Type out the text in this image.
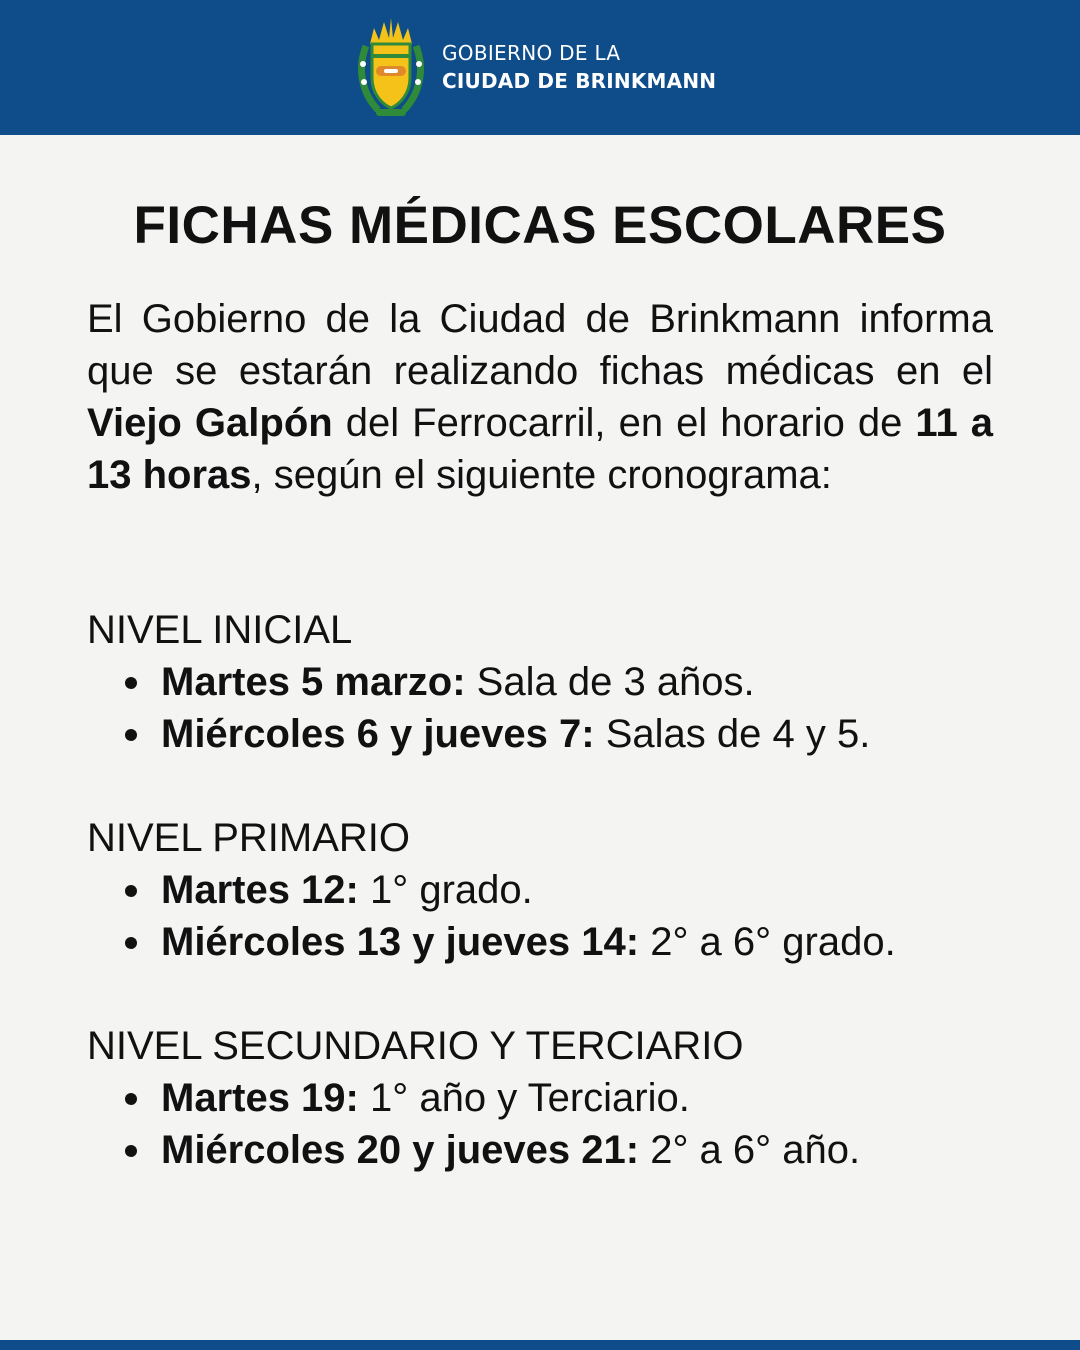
GOBIERNO DE LA
CIUDAD DE BRINKMANN
FICHAS MÉDICAS ESCOLARES

El Gobierno de la Ciudad de Brinkmann informa que se estarán realizando fichas médicas en el Viejo Galpón del Ferrocarril, en el horario de 11 a 13 horas, según el siguiente cronograma:

NIVEL INICIAL

Martes 5 marzo: Sala de 3 años.
Miércoles 6 y jueves 7: Salas de 4 y 5.

NIVEL PRIMARIO

Martes 12: 1° grado.
Miércoles 13 y jueves 14: 2° a 6° grado.

NIVEL SECUNDARIO Y TERCIARIO

Martes 19: 1° año y Terciario.
Miércoles 20 y jueves 21: 2° a 6° año.
